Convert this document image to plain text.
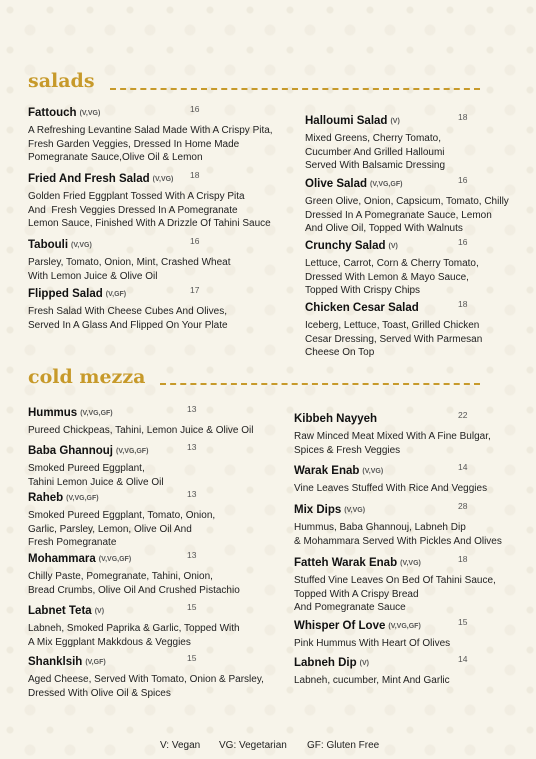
salads
cold mezza
Fattouch (V,VG)	16
A Refreshing Levantine Salad Made With A Crispy Pita,
Fresh Garden Veggies, Dressed In Home Made
Pomegranate Sauce,Olive Oil & Lemon
Fried And Fresh Salad (V,VG) 18
Golden Fried Eggplant Tossed With A Crispy Pita
And  Fresh Veggies Dressed In A Pomegranate
Lemon Sauce, Finished With A Drizzle Of Tahini Sauce
Tabouli (V,VG)	16
Parsley, Tomato, Onion, Mint, Crashed Wheat
With Lemon Juice & Olive Oil
Flipped Salad (V,GF)	17
Fresh Salad With Cheese Cubes And Olives,
Served In A Glass And Flipped On Your Plate
Halloumi Salad (V)	18
Mixed Greens, Cherry Tomato,
Cucumber And Grilled Halloumi
Served With Balsamic Dressing
Olive Salad (V,VG,GF)	16
Green Olive, Onion, Capsicum, Tomato, Chilly
Dressed In A Pomegranate Sauce, Lemon
And Olive Oil, Topped With Walnuts
Crunchy Salad (V)	16
Lettuce, Carrot, Corn & Cherry Tomato,
Dressed With Lemon & Mayo Sauce,
Topped With Crispy Chips
Chicken Cesar Salad	18
Iceberg, Lettuce, Toast, Grilled Chicken
Cesar Dressing, Served With Parmesan
Cheese On Top
Hummus (V,VG,GF)	13
Pureed Chickpeas, Tahini, Lemon Juice & Olive Oil
Baba Ghannouj (V,VG,GF)	13
Smoked Pureed Eggplant,
Tahini Lemon Juice & Olive Oil
Raheb (V,VG,GF)	13
Smoked Pureed Eggplant, Tomato, Onion,
Garlic, Parsley, Lemon, Olive Oil And
Fresh Pomegranate
Mohammara (V,VG,GF)	13
Chilly Paste, Pomegranate, Tahini, Onion,
Bread Crumbs, Olive Oil And Crushed Pistachio
Labnet Teta (V)	15
Labneh, Smoked Paprika & Garlic, Topped With
A Mix Eggplant Makkdous & Veggies
Shanklsih (V,GF)	15
Aged Cheese, Served With Tomato, Onion & Parsley,
Dressed With Olive Oil & Spices
Kibbeh Nayyeh	22
Raw Minced Meat Mixed With A Fine Bulgar,
Spices & Fresh Veggies
Warak Enab (V,VG)	14
Vine Leaves Stuffed With Rice And Veggies
Mix Dips (V,VG)	28
Hummus, Baba Ghannouj, Labneh Dip
& Mohammara Served With Pickles And Olives
Fatteh Warak Enab (V,VG)	18
Stuffed Vine Leaves On Bed Of Tahini Sauce,
Topped With A Crispy Bread
And Pomegranate Sauce
Whisper Of Love (V,VG,GF)	15
Pink Hummus With Heart Of Olives
Labneh Dip (V)	14
Labneh, cucumber, Mint And Garlic
V: Vegan VG: Vegetarian GF: Gluten Free
